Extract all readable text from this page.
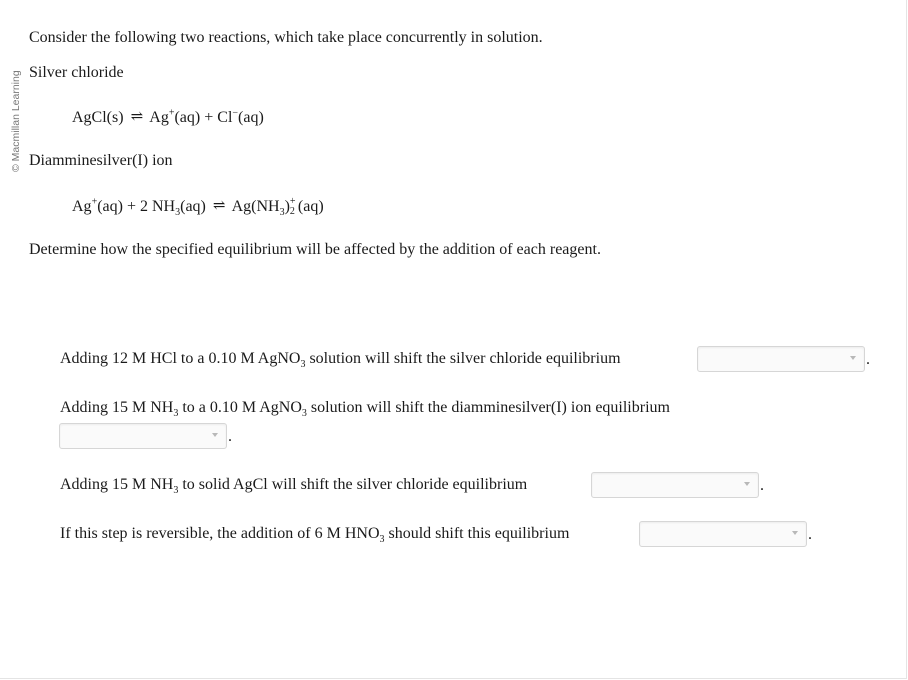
© Macmillan Learning
Consider the following two reactions, which take place concurrently in solution.
Silver chloride
AgCl(s) ⇌ Ag+(aq) + Cl−(aq)
Diamminesilver(I) ion
Ag+(aq) + 2 $NH_3(aq)$ ⇌ $Ag(NH_3)$ +
2 (aq)
Determine how the specified equilibrium will be affected by the addition of each reagent.
Adding 12 M HCl to a 0.10 M AgNO$_3$ solution will shift the silver chloride equilibrium	.
Adding 15 M $NH_3$ to a 0.10 M AgNO$_3$ solution will shift the diamminesilver(I) ion equilibrium
.
Adding 15 M $NH_3$ to solid AgCl will shift the silver chloride equilibrium	.
If this step is reversible, the addition of 6 M $HNO_3$ should shift this equilibrium	.
